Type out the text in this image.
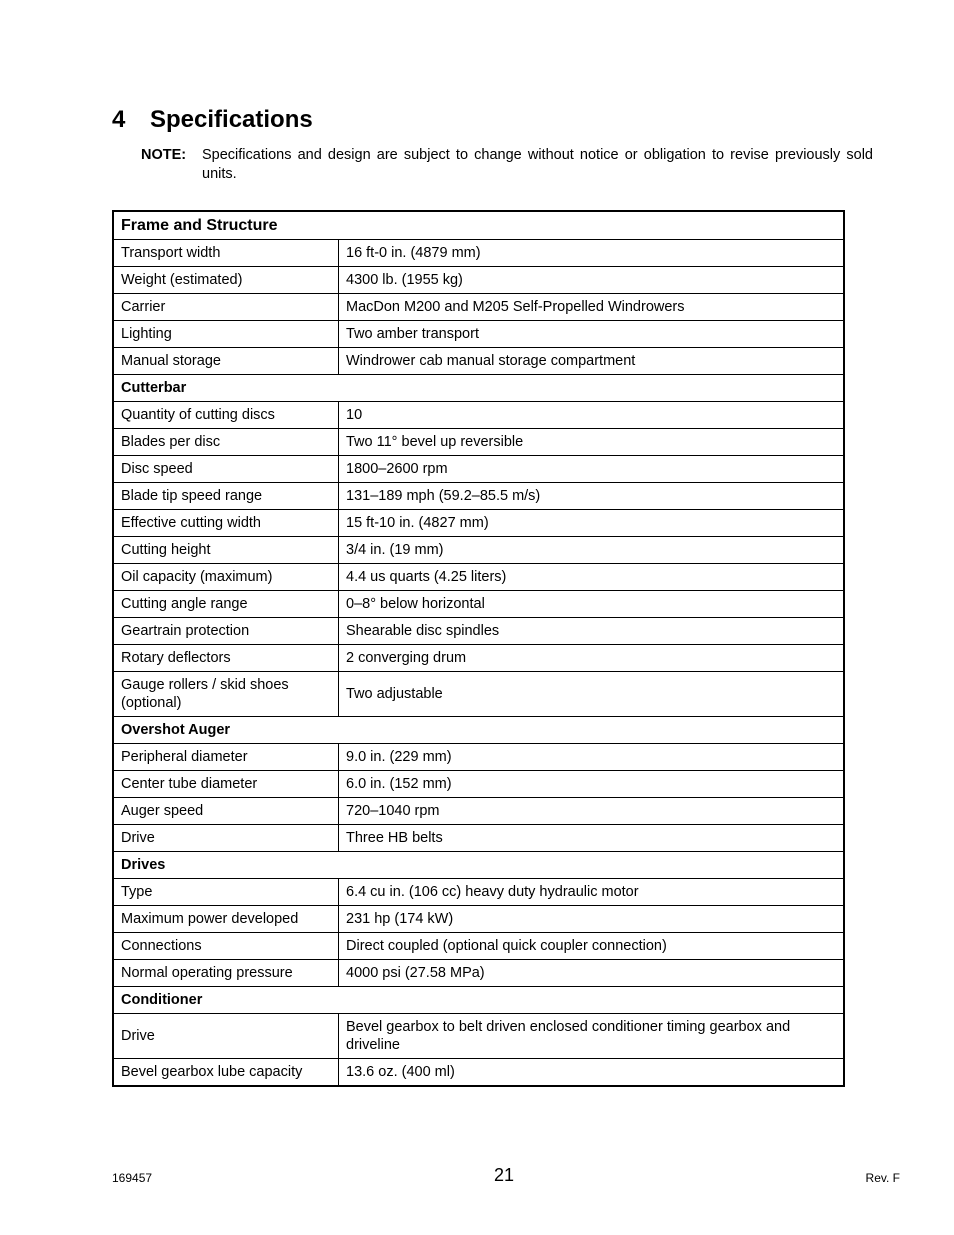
4 Specifications
NOTE: Specifications and design are subject to change without notice or obligation to revise previously sold units.
Frame and Structure	
Transport width	16 ft-0 in. (4879 mm)
Weight (estimated)	4300 lb. (1955 kg)
Carrier	MacDon M200 and M205 Self-Propelled Windrowers
Lighting	Two amber transport
Manual storage	Windrower cab manual storage compartment
Cutterbar	
Quantity of cutting discs	10
Blades per disc	Two 11° bevel up reversible
Disc speed	1800–2600 rpm
Blade tip speed range	131–189 mph (59.2–85.5 m/s)
Effective cutting width	15 ft-10 in. (4827 mm)
Cutting height	3/4 in. (19 mm)
Oil capacity (maximum)	4.4 us quarts (4.25 liters)
Cutting angle range	0–8° below horizontal
Geartrain protection	Shearable disc spindles
Rotary deflectors	2 converging drum
Gauge rollers / skid shoes (optional)	Two adjustable
Overshot Auger	
Peripheral diameter	9.0 in. (229 mm)
Center tube diameter	6.0 in. (152 mm)
Auger speed	720–1040 rpm
Drive	Three HB belts
Drives	
Type	6.4 cu in. (106 cc) heavy duty hydraulic motor
Maximum power developed	231 hp (174 kW)
Connections	Direct coupled (optional quick coupler connection)
Normal operating pressure	4000 psi (27.58 MPa)
Conditioner	
Drive	Bevel gearbox to belt driven enclosed conditioner timing gearbox and driveline
Bevel gearbox lube capacity	13.6 oz. (400 ml)
169457	21	Rev. F
